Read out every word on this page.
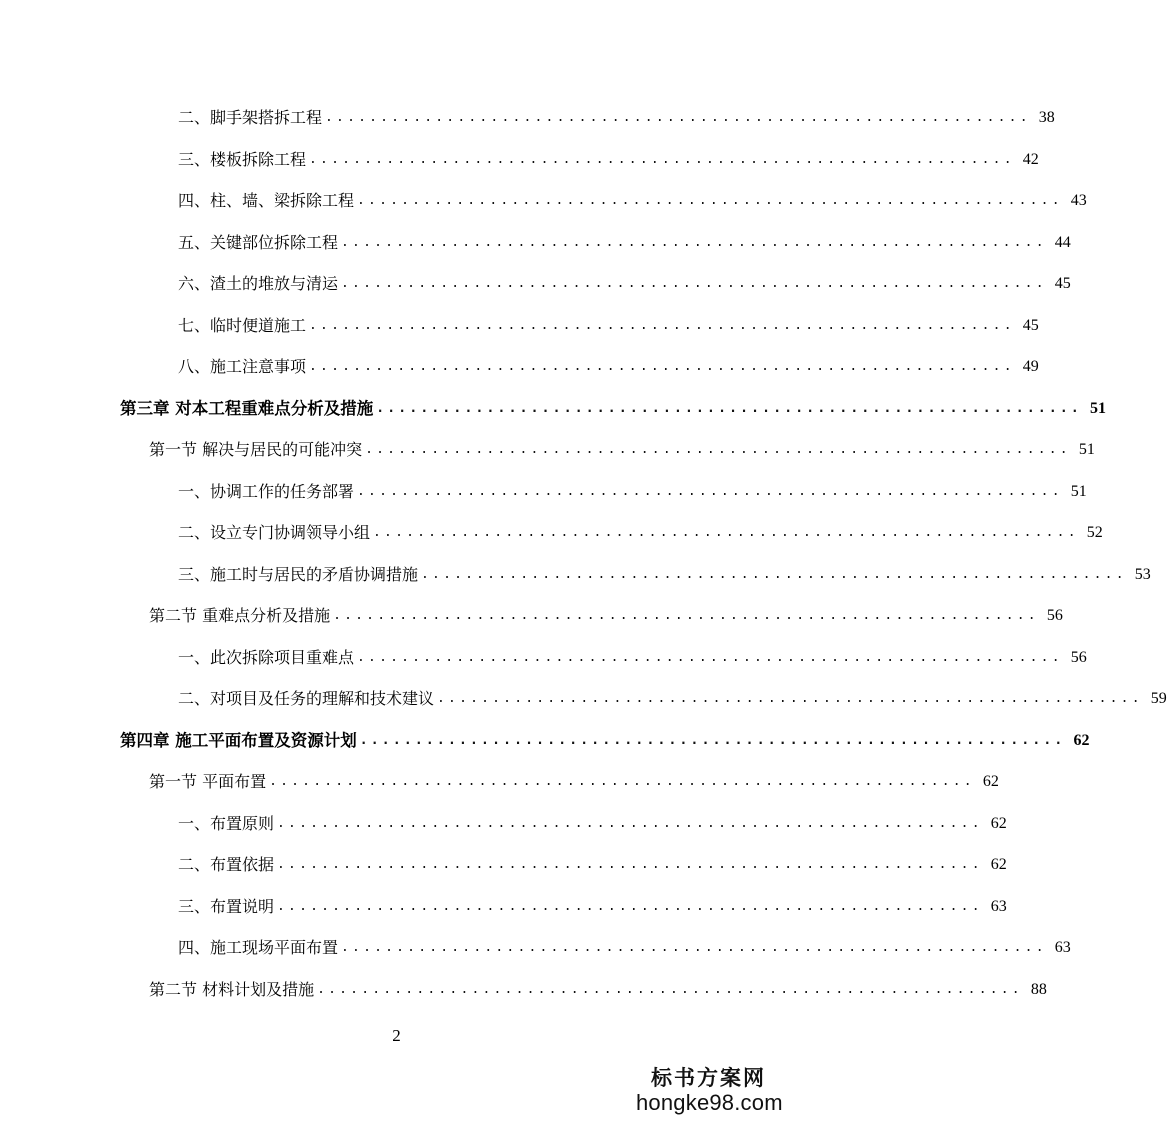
二、脚手架搭拆工程 ................................................................ 38
三、楼板拆除工程 ................................................................ 42
四、柱、墙、梁拆除工程 ................................................................ 43
五、关键部位拆除工程 ................................................................ 44
六、渣土的堆放与清运 ................................................................ 45
七、临时便道施工 ................................................................ 45
八、施工注意事项 ................................................................ 49
第三章 对本工程重难点分析及措施 ................................................................ 51
第一节 解决与居民的可能冲突 ................................................................ 51
一、协调工作的任务部署 ................................................................ 51
二、设立专门协调领导小组 ................................................................ 52
三、施工时与居民的矛盾协调措施 ................................................................ 53
第二节 重难点分析及措施 ................................................................ 56
一、此次拆除项目重难点 ................................................................ 56
二、对项目及任务的理解和技术建议 ................................................................ 59
第四章 施工平面布置及资源计划 ................................................................ 62
第一节 平面布置 ................................................................ 62
一、布置原则 ................................................................ 62
二、布置依据 ................................................................ 62
三、布置说明 ................................................................ 63
四、施工现场平面布置 ................................................................ 63
第二节 材料计划及措施 ................................................................ 88
2
标书方案网
hongke98.com
